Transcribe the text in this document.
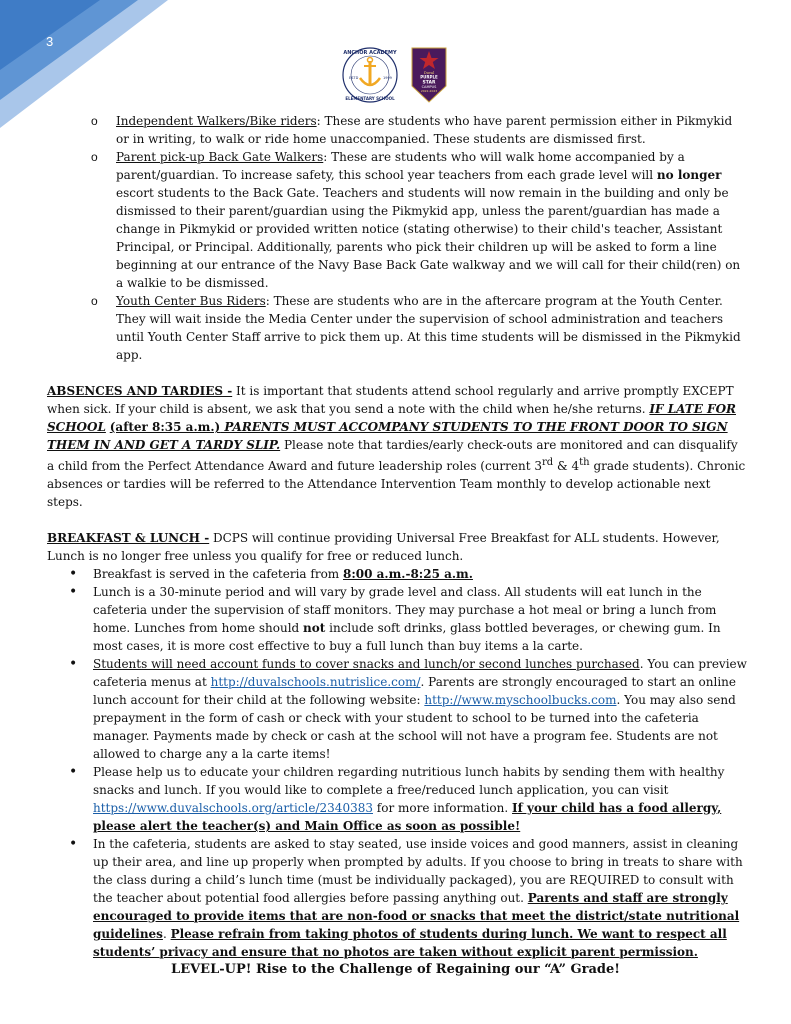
3
ESTD	1999
ANCHOR ACADEMY
ELEMENTARY SCHOOL
Duval
PURPLE
STAR
CAMPUS
2022-2023
o Independent Walkers/Bike riders: These are students who have parent permission either in Pikmykid or in writing, to walk or ride home unaccompanied. These students are dismissed first.
o Parent pick-up Back Gate Walkers: These are students who will walk home accompanied by a parent/guardian. To increase safety, this school year teachers from each grade level will no longer escort students to the Back Gate. Teachers and students will now remain in the building and only be dismissed to their parent/guardian using the Pikmykid app, unless the parent/guardian has made a change in Pikmykid or provided written notice (stating otherwise) to their child's teacher, Assistant Principal, or Principal. Additionally, parents who pick their children up will be asked to form a line beginning at our entrance of the Navy Base Back Gate walkway and we will call for their child(ren) on a walkie to be dismissed.
o Youth Center Bus Riders: These are students who are in the aftercare program at the Youth Center. They will wait inside the Media Center under the supervision of school administration and teachers until Youth Center Staff arrive to pick them up. At this time students will be dismissed in the Pikmykid app.

ABSENCES AND TARDIES - It is important that students attend school regularly and arrive promptly EXCEPT when sick. If your child is absent, we ask that you send a note with the child when he/she returns. IF LATE FOR SCHOOL (after 8:35 a.m.) PARENTS MUST ACCOMPANY STUDENTS TO THE FRONT DOOR TO SIGN THEM IN AND GET A TARDY SLIP. Please note that tardies/early check-outs are monitored and can disqualify a child from the Perfect Attendance Award and future leadership roles (current 3rd & 4th grade students). Chronic absences or tardies will be referred to the Attendance Intervention Team monthly to develop actionable next steps.

BREAKFAST & LUNCH - DCPS will continue providing Universal Free Breakfast for ALL students. However, Lunch is no longer free unless you qualify for free or reduced lunch.

• Breakfast is served in the cafeteria from 8:00 a.m.-8:25 a.m.
• Lunch is a 30-minute period and will vary by grade level and class. All students will eat lunch in the cafeteria under the supervision of staff monitors. They may purchase a hot meal or bring a lunch from home. Lunches from home should not include soft drinks, glass bottled beverages, or chewing gum. In most cases, it is more cost effective to buy a full lunch than buy items a la carte.
• Students will need account funds to cover snacks and lunch/or second lunches purchased. You can preview cafeteria menus at http://duvalschools.nutrislice.com/. Parents are strongly encouraged to start an online lunch account for their child at the following website: http://www.myschoolbucks.com. You may also send prepayment in the form of cash or check with your student to school to be turned into the cafeteria manager. Payments made by check or cash at the school will not have a program fee. Students are not allowed to charge any a la carte items!
• Please help us to educate your children regarding nutritious lunch habits by sending them with healthy snacks and lunch. If you would like to complete a free/reduced lunch application, you can visit https://www.duvalschools.org/article/2340383 for more information. If your child has a food allergy, please alert the teacher(s) and Main Office as soon as possible!
• In the cafeteria, students are asked to stay seated, use inside voices and good manners, assist in cleaning up their area, and line up properly when prompted by adults. If you choose to bring in treats to share with the class during a child’s lunch time (must be individually packaged), you are REQUIRED to consult with the teacher about potential food allergies before passing anything out. Parents and staff are strongly encouraged to provide items that are non-food or snacks that meet the district/state nutritional guidelines. Please refrain from taking photos of students during lunch. We want to respect all students’ privacy and ensure that no photos are taken without explicit parent permission.
LEVEL-UP! Rise to the Challenge of Regaining our “A” Grade!
